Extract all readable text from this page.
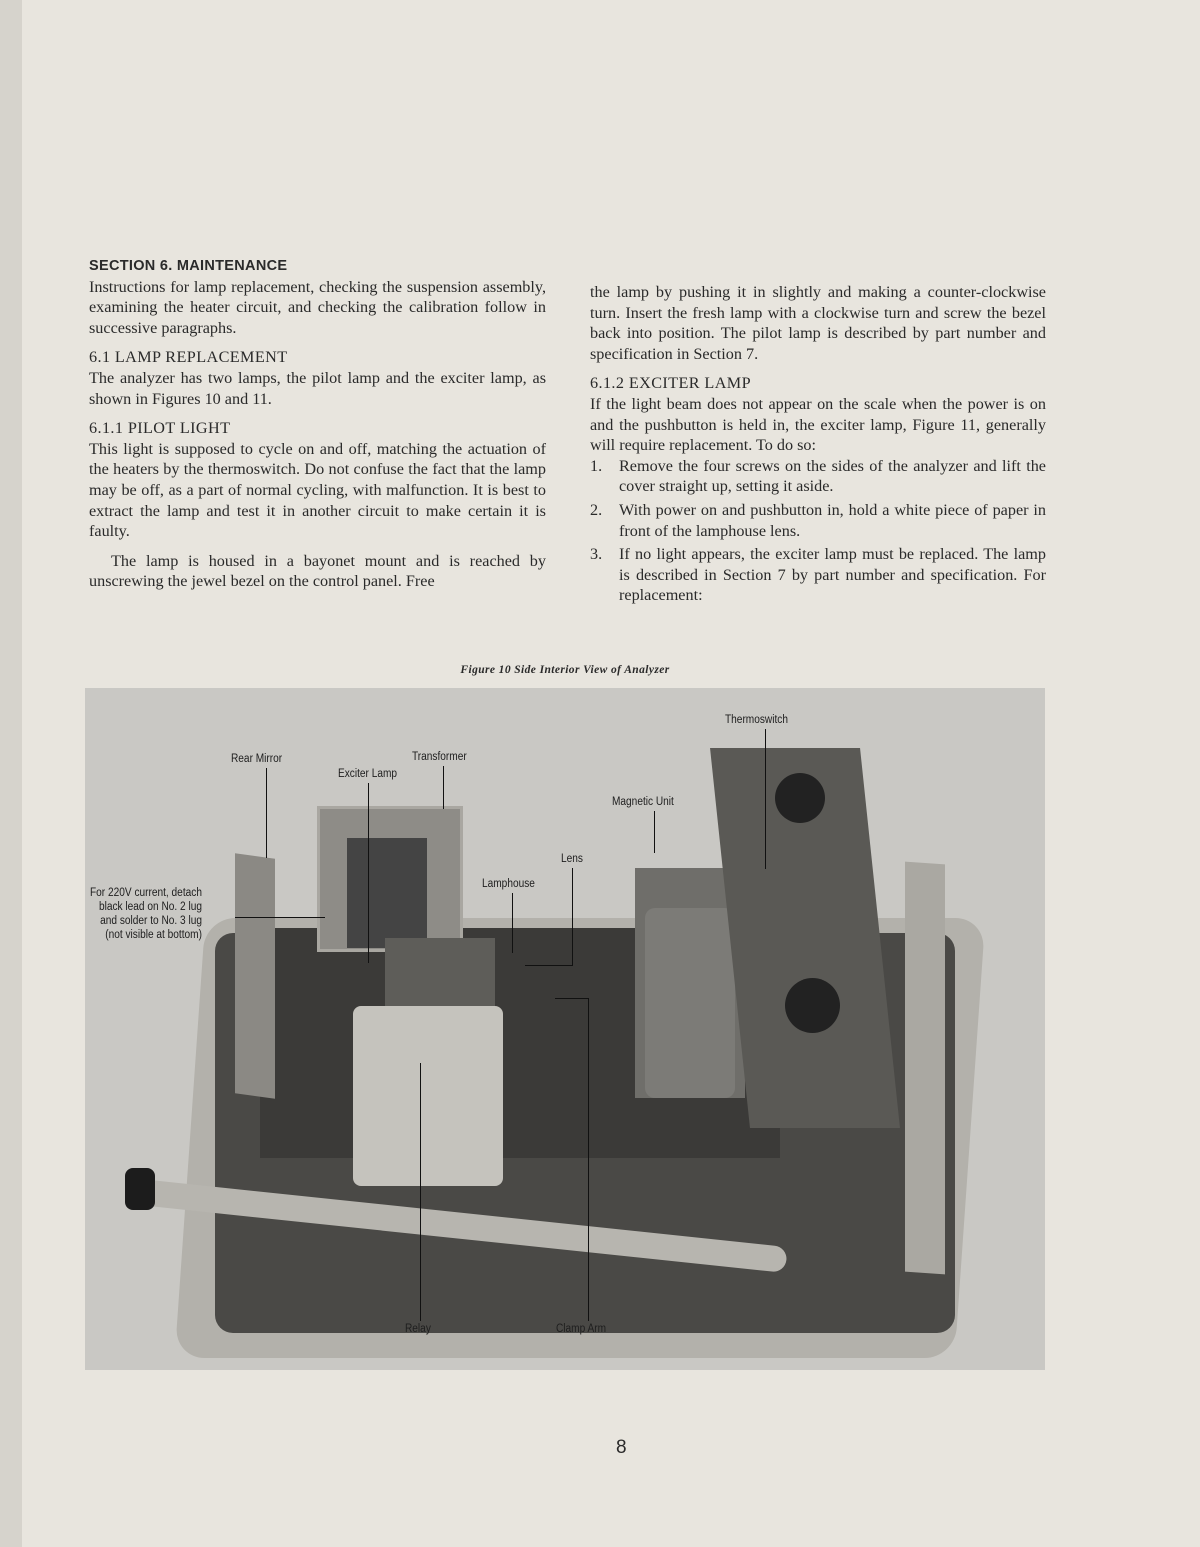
SECTION 6. MAINTENANCE

Instructions for lamp replacement, checking the suspension assembly, examining the heater circuit, and checking the calibration follow in successive paragraphs.

6.1 LAMP REPLACEMENT

The analyzer has two lamps, the pilot lamp and the exciter lamp, as shown in Figures 10 and 11.

6.1.1 PILOT LIGHT

This light is supposed to cycle on and off, matching the actuation of the heaters by the thermoswitch. Do not confuse the fact that the lamp may be off, as a part of normal cycling, with malfunction. It is best to extract the lamp and test it in another circuit to make certain it is faulty.

The lamp is housed in a bayonet mount and is reached by unscrewing the jewel bezel on the control panel. Free

the lamp by pushing it in slightly and making a counter-clockwise turn. Insert the fresh lamp with a clockwise turn and screw the bezel back into position. The pilot lamp is described by part number and specification in Section 7.

6.1.2 EXCITER LAMP

If the light beam does not appear on the scale when the power is on and the pushbutton is held in, the exciter lamp, Figure 11, generally will require replacement. To do so:

1. Remove the four screws on the sides of the analyzer and lift the cover straight up, setting it aside.
2. With power on and pushbutton in, hold a white piece of paper in front of the lamphouse lens.
3. If no light appears, the exciter lamp must be replaced. The lamp is described in Section 7 by part number and specification. For replacement:
Figure 10 Side Interior View of Analyzer
Rear Mirror	Transformer
Exciter Lamp
Thermoswitch
Magnetic Unit
Lens
Lamphouse
For 220V current, detach
black lead on No. 2 lug
and solder to No. 3 lug
(not visible at bottom)
Relay	Clamp Arm
8
